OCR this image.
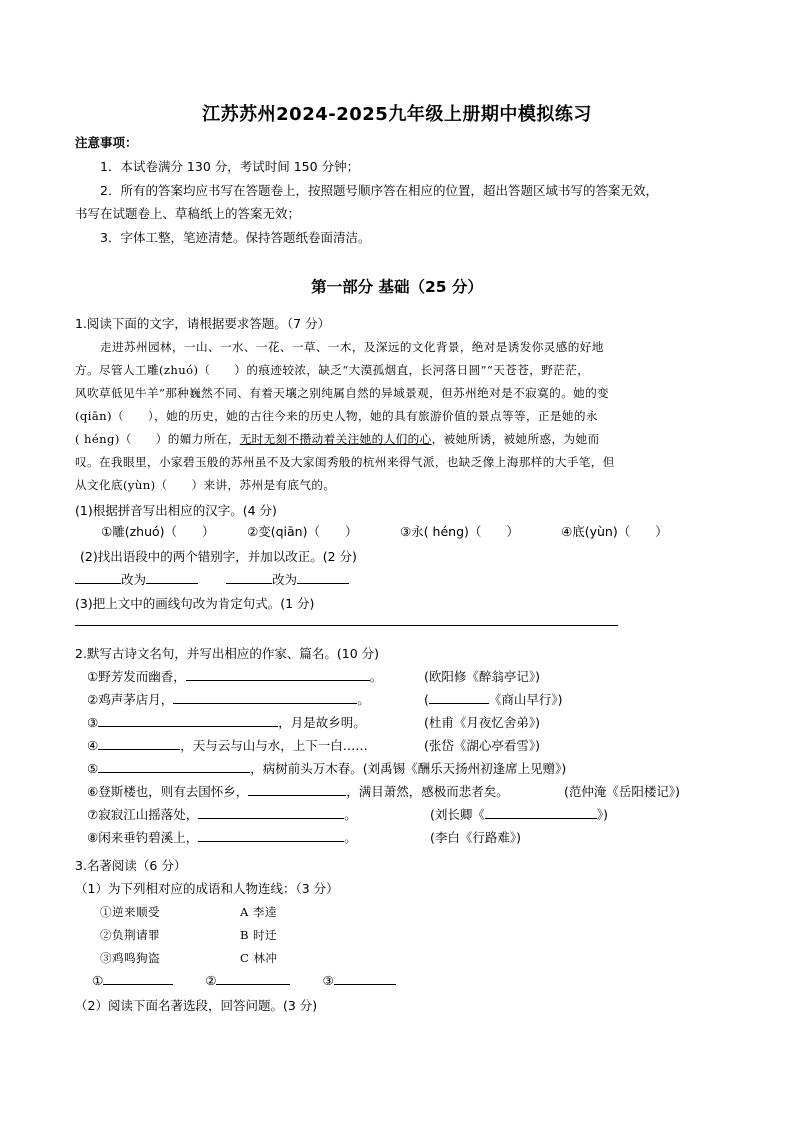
江苏苏州2024-2025九年级上册期中模拟练习
注意事项：
1．本试卷满分 130 分，考试时间 150 分钟；
2．所有的答案均应书写在答题卷上，按照题号顺序答在相应的位置，超出答题区域书写的答案无效，
书写在试题卷上、草稿纸上的答案无效；
3．字体工整，笔迹清楚。保持答题纸卷面清洁。
第一部分 基础（25 分）
1.阅读下面的文字，请根据要求答题。（7 分）
走进苏州园林，一山、一水、一花、一草、一木，及深远的文化背景，绝对是诱发你灵感的好地
方。尽管人工雕(zhuó)（　　）的痕迹较浓，缺乏“大漠孤烟直，长河落日圆”“天苍苍，野茫茫，
风吹草低见牛羊”那种巍然不同、有着天壤之别纯属自然的异域景观，但苏州绝对是不寂寞的。她的变
(qiān)（　　），她的历史，她的古往今来的历史人物，她的具有旅游价值的景点等等，正是她的永
( héng)（　　）的媚力所在，无时无刻不攒动着关注她的人们的心，被她所诱，被她所惑，为她而
叹。在我眼里，小家碧玉般的苏州虽不及大家闺秀般的杭州来得气派，也缺乏像上海那样的大手笔，但
从文化底(yùn)（　　）来讲，苏州是有底气的。
(1)根据拼音写出相应的汉字。(4 分)
①雕(zhuó)（　　）	②变(qiān)（　　）	③永( héng)（　　）	④底(yùn)（　　）
(2)找出语段中的两个错别字，并加以改正。(2 分)
改为	改为
(3)把上文中的画线句改为肯定句式。(1 分)
2.默写古诗文名句，并写出相应的作家、篇名。(10 分)
①野芳发而幽香，	。	(欧阳修《醉翁亭记》)
②鸡声茅店月，	。	(	《商山早行》)
③	，月是故乡明。	(杜甫《月夜忆舍弟》)
④	，天与云与山与水，上下一白……	(张岱《湖心亭看雪》)
⑤	，病树前头万木春。(刘禹锡《酬乐天扬州初逢席上见赠》)
⑥登斯楼也，则有去国怀乡，	，满目萧然，感极而悲者矣。	(范仲淹《岳阳楼记》)
⑦寂寂江山摇落处，	。	(刘长卿《	》)
⑧闲来垂钓碧溪上，	。	(李白《行路难》)
3.名著阅读（6 分）
（1）为下列相对应的成语和人物连线：（3 分）
①逆来顺受	A 李逵
②负荆请罪	B 时迁
③鸡鸣狗盗	C 林冲
①	②	③
（2）阅读下面名著选段，回答问题。(3 分)
